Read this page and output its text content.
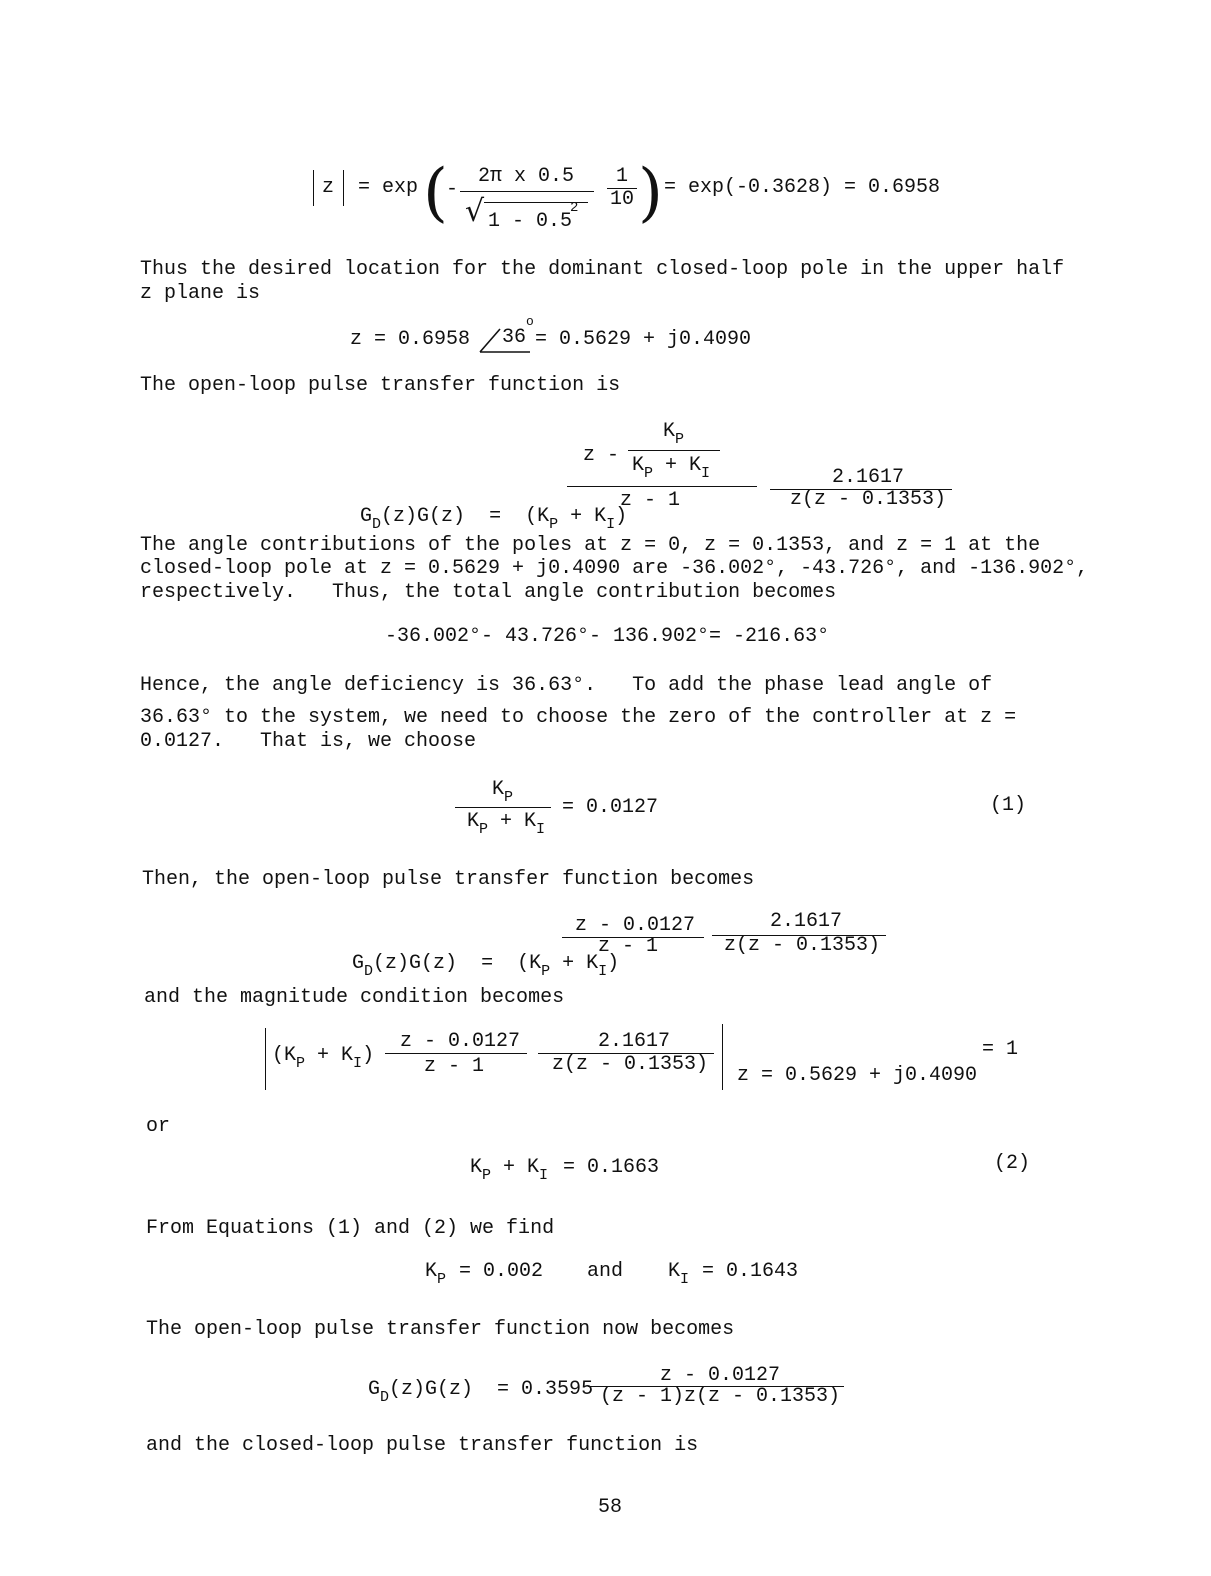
z = exp (
-
2π x 0.5
√ 1 - 0.5
2
1
10 ) = exp(-0.3628) = 0.6958
Thus the desired location for the dominant closed-loop pole in the upper half
z plane is
z = 0.6958 36
o
= 0.5629 + j0.4090
The open-loop pulse transfer function is

$G_D(z)G(z) = (K_P + K_I)$

z -
$K_P$
$K_P + K_I$
z - 1
2.1617
z(z - 0.1353)
The angle contributions of the poles at z = 0, z = 0.1353, and z = 1 at the
closed-loop pole at z = 0.5629 + j0.4090 are -36.002°, -43.726°, and -136.902°,
respectively.   Thus, the total angle contribution becomes
-36.002°- 43.726°- 136.902°= -216.63°
Hence, the angle deficiency is 36.63°.   To add the phase lead angle of
36.63° to the system, we need to choose the zero of the controller at z =
0.0127.   That is, we choose
$K_P$
$K_P + K_I$
= 0.0127	(1)
Then, the open-loop pulse transfer function becomes

$G_D(z)G(z) = (K_P + K_I)$

z - 0.0127
z - 1
2.1617
z(z - 0.1353)
and the magnitude condition becomes
$(K_P + K_I)$
z - 0.0127
z - 1
2.1617
z(z - 0.1353) z = 0.5629 + j0.4090
= 1
or
$K_P + K_I = 0.1663$	(2)
From Equations (1) and (2) we find
$K_P = 0.002$ and $K_I = 0.1643$
The open-loop pulse transfer function now becomes
$G_D(z)G(z) = 0.3595$
z - 0.0127
(z - 1)z(z - 0.1353)
and the closed-loop pulse transfer function is
58
